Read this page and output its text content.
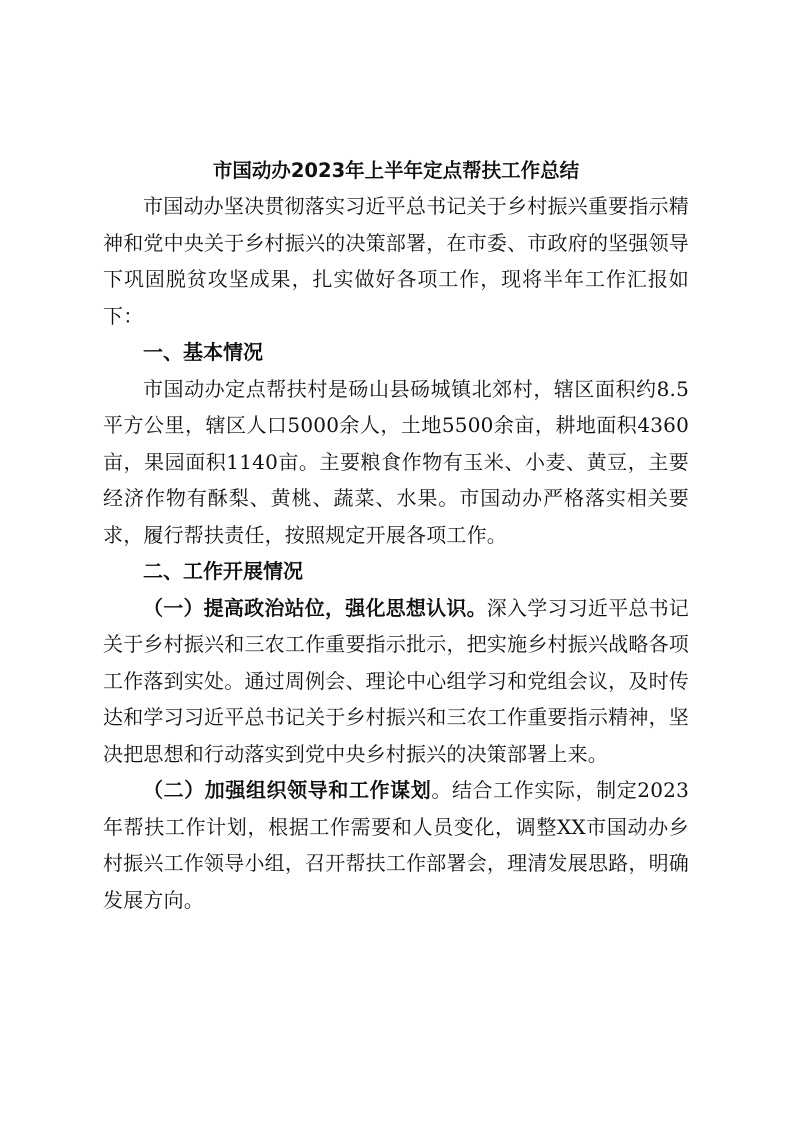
市国动办2023年上半年定点帮扶工作总结

市国动办坚决贯彻落实习近平总书记关于乡村振兴重要指示精神和党中央关于乡村振兴的决策部署，在市委、市政府的坚强领导下巩固脱贫攻坚成果，扎实做好各项工作，现将半年工作汇报如下：

一、基本情况

市国动办定点帮扶村是砀山县砀城镇北郊村，辖区面积约8.5平方公里，辖区人口5000余人，土地5500余亩，耕地面积4360亩，果园面积1140亩。主要粮食作物有玉米、小麦、黄豆，主要经济作物有酥梨、黄桃、蔬菜、水果。市国动办严格落实相关要求，履行帮扶责任，按照规定开展各项工作。

二、工作开展情况

（一）提高政治站位，强化思想认识。深入学习习近平总书记关于乡村振兴和三农工作重要指示批示，把实施乡村振兴战略各项工作落到实处。通过周例会、理论中心组学习和党组会议，及时传达和学习习近平总书记关于乡村振兴和三农工作重要指示精神，坚决把思想和行动落实到党中央乡村振兴的决策部署上来。

（二）加强组织领导和工作谋划。结合工作实际，制定2023年帮扶工作计划，根据工作需要和人员变化，调整XX市国动办乡村振兴工作领导小组，召开帮扶工作部署会，理清发展思路，明确发展方向。
